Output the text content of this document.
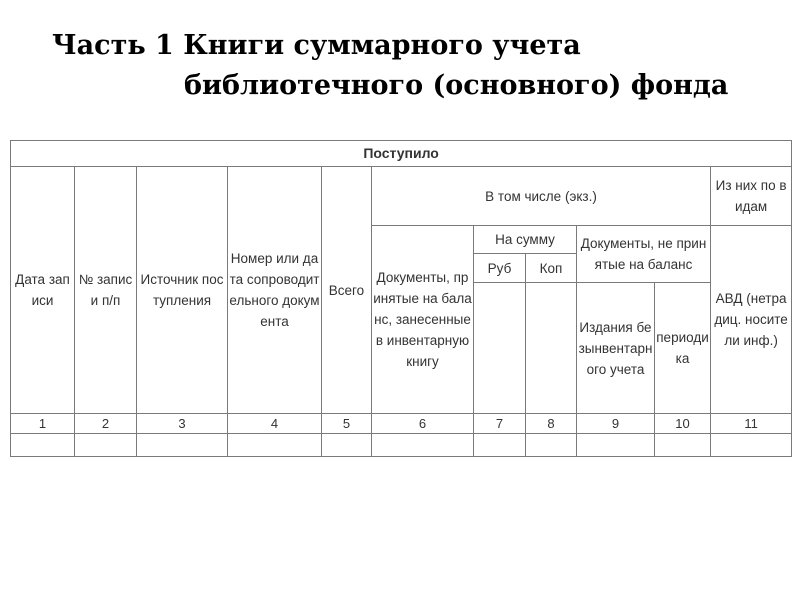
Часть 1 Книги суммарного учета
библиотечного (основного) фонда
Поступило										
Дата записи	№ записи п/п	Источник поступления	Номер или дата сопроводительного документа	Всего	В том числе (экз.)					Из них по видам
					Документы, принятые на баланс, занесенные в инвентарную книгу	На сумму		Документы, не принятые на баланс		АВД (нетрадиц. носители инф.)
						Руб	Коп			
								Издания безынвентарного учета	периодика	
1	2	3	4	5	6	7	8	9	10	11
